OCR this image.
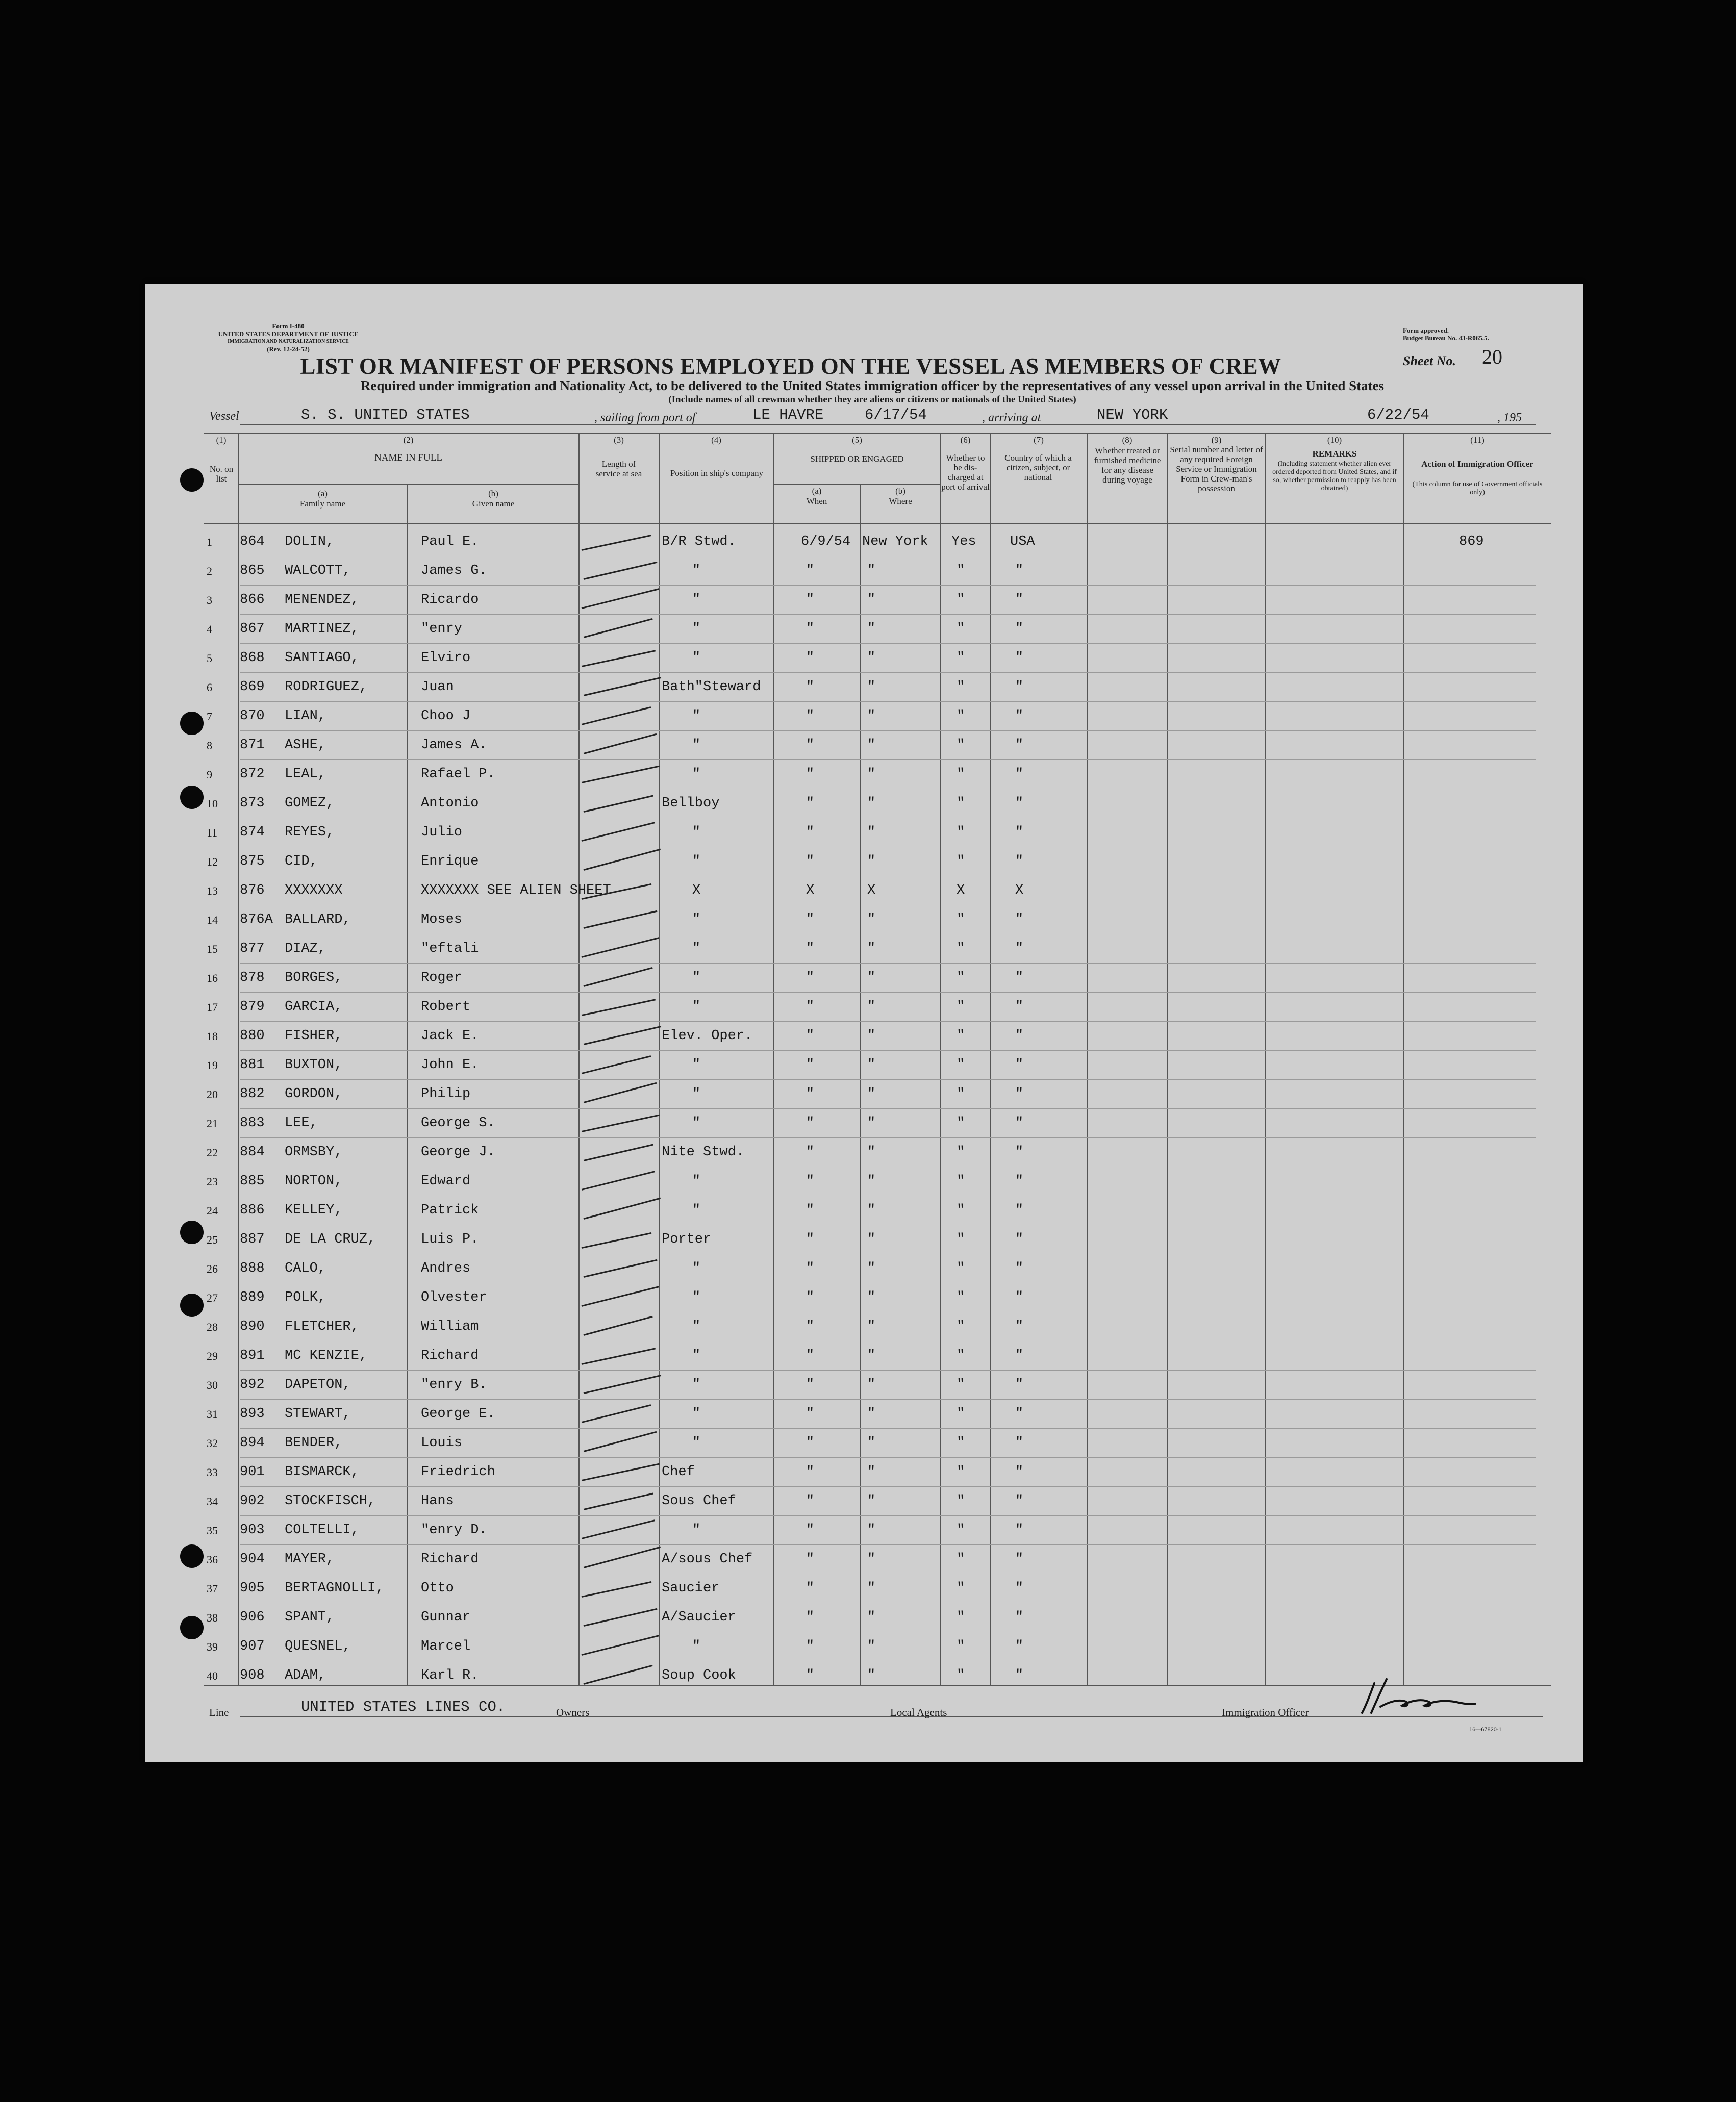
Form I-480
UNITED STATES DEPARTMENT OF JUSTICE
IMMIGRATION AND NATURALIZATION SERVICE
(Rev. 12-24-52)
Form approved.
Budget Bureau No. 43-R065.5.
Sheet No. 20
LIST OR MANIFEST OF PERSONS EMPLOYED ON THE VESSEL AS MEMBERS OF CREW
Required under immigration and Nationality Act, to be delivered to the United States immigration officer by the representatives of any vessel upon arrival in the United States
(Include names of all crewman whether they are aliens or citizens or nationals of the United States)
Vessel	S. S. UNITED STATES	, sailing from port of	LE HAVRE	6/17/54	, arriving at	NEW YORK	6/22/54	, 195
(1)
No. on list
(2)
NAME IN FULL
(a)
Family name
(b)
Given name
(3)
Length of service at sea
(4)
Position in ship's company
(5)
SHIPPED OR ENGAGED
(a)
When
(b)
Where
(6)
Whether to be dis-charged at port of arrival
(7)
Country of which a citizen, subject, or national
(8)
Whether treated or furnished medicine for any disease during voyage
(9)
Serial number and letter of any required Foreign Service or Immigration Form in Crew-man's possession
(10)
REMARKS
(Including statement whether alien ever ordered deported from United States, and if so, whether permission to reapply has been obtained)
(11)
Action of Immigration Officer
(This column for use of Government officials only)
1 864 DOLIN,	Paul E.	B/R Stwd.	6/9/54 New York Yes USA	869
2 865 WALCOTT,	James G.	"	"	"	"	"
3 866 MENENDEZ,	Ricardo	"	"	"	"	"
4 867 MARTINEZ,	"enry	"	"	"	"	"
5 868 SANTIAGO,	Elviro	"	"	"	"	"
6 869 RODRIGUEZ,	Juan	Bath"Steward	"	"	"	"
7 870 LIAN,	Choo J	"	"	"	"	"
8 871 ASHE,	James A.	"	"	"	"	"
9 872 LEAL,	Rafael P.	"	"	"	"	"
10 873 GOMEZ,	Antonio	Bellboy	"	"	"	"
11 874 REYES,	Julio	"	"	"	"	"
12 875 CID,	Enrique	"	"	"	"	"
13 876 XXXXXXX	XXXXXXX SEE ALIEN SHEET	X	X	X	X	X
14 876A BALLARD,	Moses	"	"	"	"	"
15 877 DIAZ,	"eftali	"	"	"	"	"
16 878 BORGES,	Roger	"	"	"	"	"
17 879 GARCIA,	Robert	"	"	"	"	"
18 880 FISHER,	Jack E.	Elev. Oper.	"	"	"	"
19 881 BUXTON,	John E.	"	"	"	"	"
20 882 GORDON,	Philip	"	"	"	"	"
21 883 LEE,	George S.	"	"	"	"	"
22 884 ORMSBY,	George J.	Nite Stwd.	"	"	"	"
23 885 NORTON,	Edward	"	"	"	"	"
24 886 KELLEY,	Patrick	"	"	"	"	"
25 887 DE LA CRUZ,	Luis P.	Porter	"	"	"	"
26 888 CALO,	Andres	"	"	"	"	"
27 889 POLK,	Olvester	"	"	"	"	"
28 890 FLETCHER,	William	"	"	"	"	"
29 891 MC KENZIE,	Richard	"	"	"	"	"
30 892 DAPETON,	"enry B.	"	"	"	"	"
31 893 STEWART,	George E.	"	"	"	"	"
32 894 BENDER,	Louis	"	"	"	"	"
33 901 BISMARCK,	Friedrich	Chef	"	"	"	"
34 902 STOCKFISCH,	Hans	Sous Chef	"	"	"	"
35 903 COLTELLI,	"enry D.	"	"	"	"	"
36 904 MAYER,	Richard	A/sous Chef	"	"	"	"
37 905 BERTAGNOLLI,	Otto	Saucier	"	"	"	"
38 906 SPANT,	Gunnar	A/Saucier	"	"	"	"
39 907 QUESNEL,	Marcel	"	"	"	"	"
40 908 ADAM,	Karl R.	Soup Cook	"	"	"	"
Line	UNITED STATES LINES CO.	Owners	Local Agents	Immigration Officer
16—67820-1
